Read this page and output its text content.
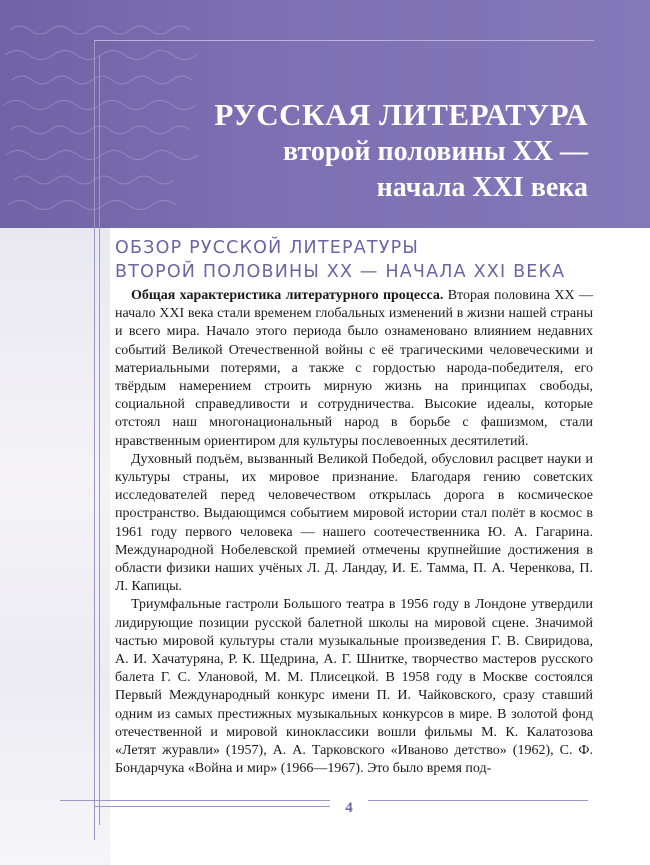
РУССКАЯ ЛИТЕРАТУРА
второй половины XX —
начала XXI века
ОБЗОР РУССКОЙ ЛИТЕРАТУРЫ
ВТОРОЙ ПОЛОВИНЫ XX — НАЧАЛА XXI ВЕКА

Общая характеристика литературного процесса. Вторая половина XX — начало XXI века стали временем глобальных изменений в жизни нашей страны и всего мира. Начало этого периода было ознаменовано влиянием недавних событий Великой Отечественной войны с её трагическими человеческими и материальными потерями, а также с гордостью народа-победителя, его твёрдым намерением строить мирную жизнь на принципах свободы, социальной справедливости и сотрудничества. Высокие идеалы, которые отстоял наш многонациональный народ в борьбе с фашизмом, стали нравственным ориентиром для культуры послевоенных десятилетий.

Духовный подъём, вызванный Великой Победой, обусловил расцвет науки и культуры страны, их мировое признание. Благодаря гению советских исследователей перед человечеством открылась дорога в космическое пространство. Выдающимся событием мировой истории стал полёт в космос в 1961 году первого человека — нашего соотечественника Ю. А. Гагарина. Международной Нобелевской премией отмечены крупнейшие достижения в области физики наших учёных Л. Д. Ландау, И. Е. Тамма, П. А. Черенкова, П. Л. Капицы.

Триумфальные гастроли Большого театра в 1956 году в Лондоне утвердили лидирующие позиции русской балетной школы на мировой сцене. Значимой частью мировой культуры стали музыкальные произведения Г. В. Свиридова, А. И. Хачатуряна, Р. К. Щедрина, А. Г. Шнитке, творчество мастеров русского балета Г. С. Улановой, М. М. Плисецкой. В 1958 году в Москве состоялся Первый Международный конкурс имени П. И. Чайковского, сразу ставший одним из самых престижных музыкальных конкурсов в мире. В золотой фонд отечественной и мировой киноклассики вошли фильмы М. К. Калатозова «Летят журавли» (1957), А. А. Тарковского «Иваново детство» (1962), С. Ф. Бондарчука «Война и мир» (1966—1967). Это было время под-

4
